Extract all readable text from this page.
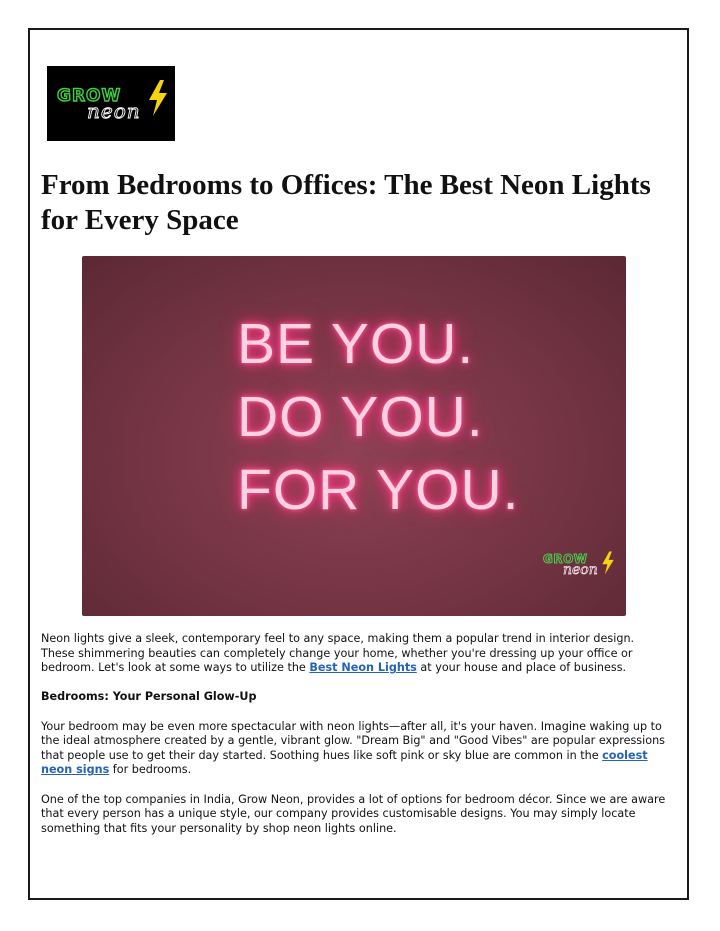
GROW
neon
From Bedrooms to Offices: The Best Neon Lights for Every Space
BE YOU.
DO YOU.
FOR YOU.
GROW
neon

Neon lights give a sleek, contemporary feel to any space, making them a popular trend in interior design. These shimmering beauties can completely change your home, whether you're dressing up your office or bedroom. Let's look at some ways to utilize the Best Neon Lights at your house and place of business.

Bedrooms: Your Personal Glow-Up

Your bedroom may be even more spectacular with neon lights—after all, it's your haven. Imagine waking up to the ideal atmosphere created by a gentle, vibrant glow. "Dream Big" and "Good Vibes" are popular expressions that people use to get their day started. Soothing hues like soft pink or sky blue are common in the coolest neon signs for bedrooms.

One of the top companies in India, Grow Neon, provides a lot of options for bedroom décor. Since we are aware that every person has a unique style, our company provides customisable designs. You may simply locate something that fits your personality by shop neon lights online.
